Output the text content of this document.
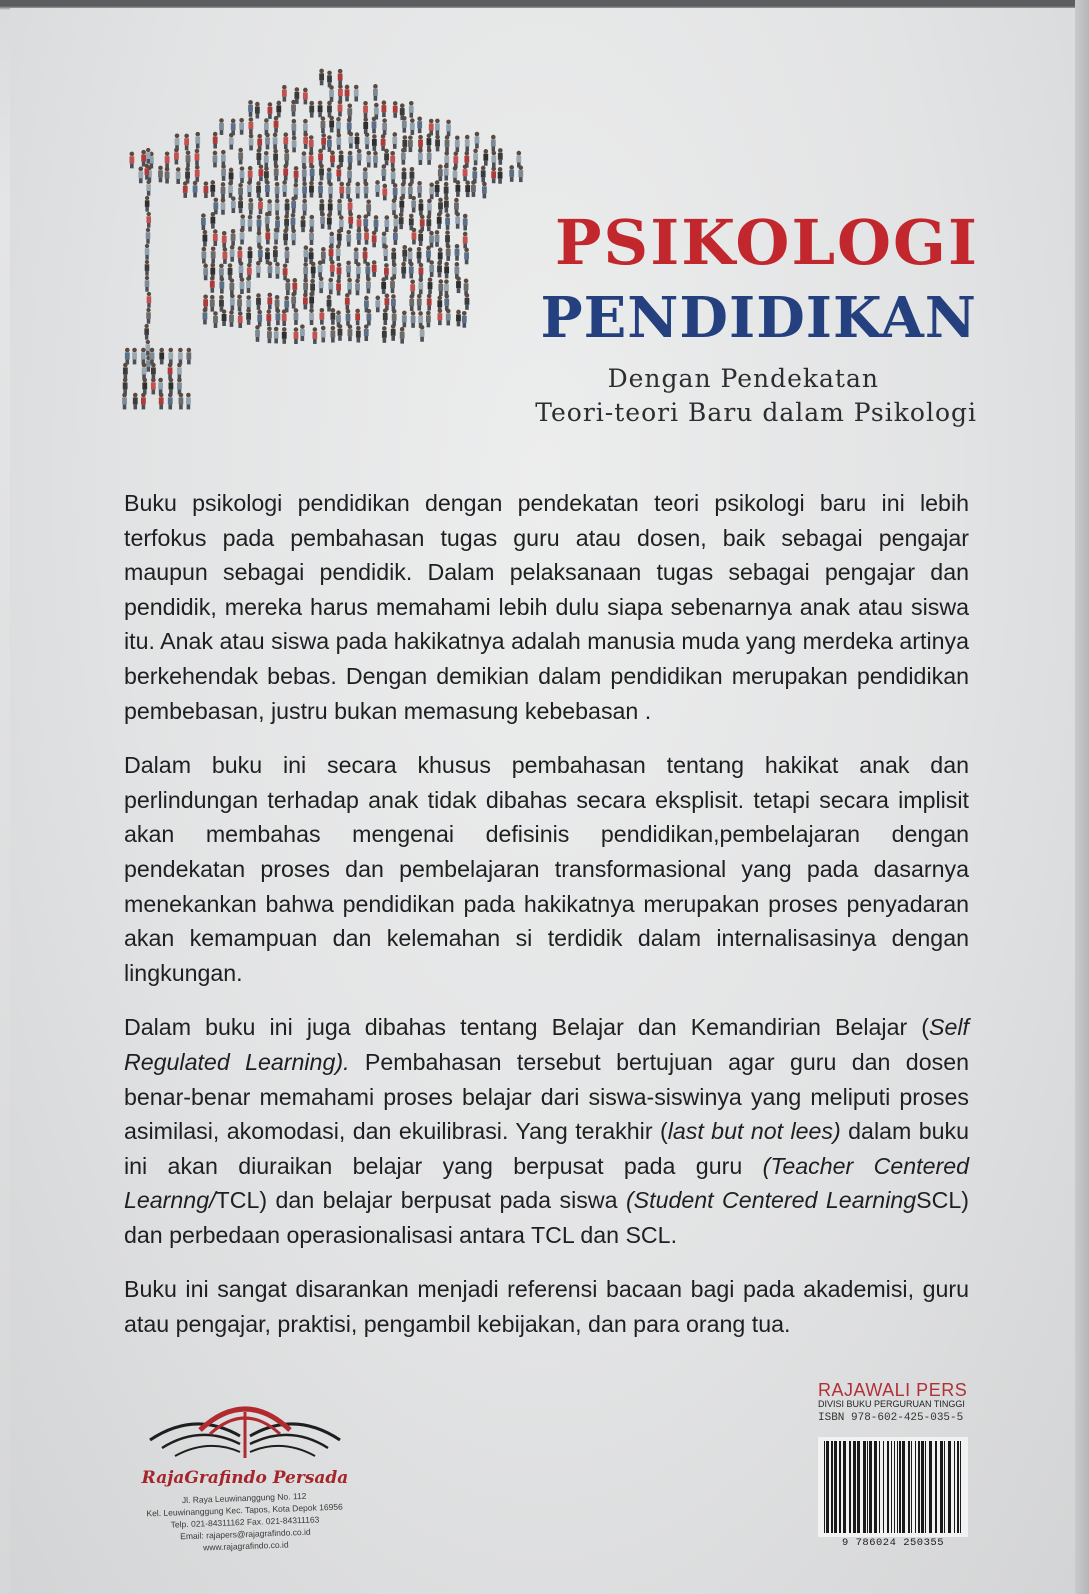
PSIKOLOGI
PENDIDIKAN

Dengan Pendekatan

Teori-teori Baru dalam Psikologi

Buku psikologi pendidikan dengan pendekatan teori psikologi baru ini lebih terfokus pada pembahasan tugas guru atau dosen, baik sebagai pengajar maupun sebagai pendidik. Dalam pelaksanaan tugas sebagai pengajar dan pendidik, mereka harus memahami lebih dulu siapa sebenarnya anak atau siswa itu. Anak atau siswa pada hakikatnya adalah manusia muda yang merdeka artinya berkehendak bebas. Dengan demikian dalam pendidikan merupakan pendidikan pembebasan, justru bukan memasung kebebasan .

Dalam buku ini secara khusus pembahasan tentang hakikat anak dan perlindungan terhadap anak tidak dibahas secara eksplisit. tetapi secara implisit akan membahas mengenai defisinis pendidikan,pembelajaran dengan pendekatan proses dan pembelajaran transformasional yang pada dasarnya menekankan bahwa pendidikan pada hakikatnya merupakan proses penyadaran akan kemampuan dan kelemahan si terdidik dalam internalisasinya dengan lingkungan.

Dalam buku ini juga dibahas tentang Belajar dan Kemandirian Belajar (Self Regulated Learning). Pembahasan tersebut bertujuan agar guru dan dosen benar-benar memahami proses belajar dari siswa-siswinya yang meliputi proses asimilasi, akomodasi, dan ekuilibrasi. Yang terakhir (last but not lees) dalam buku ini akan diuraikan belajar yang berpusat pada guru (Teacher Centered Learnng/TCL) dan belajar berpusat pada siswa (Student Centered LearningSCL) dan perbedaan operasionalisasi antara TCL dan SCL.

Buku ini sangat disarankan menjadi referensi bacaan bagi pada akademisi, guru atau pengajar, praktisi, pengambil kebijakan, dan para orang tua.

RajaGrafindo Persada
Jl. Raya Leuwinanggung No. 112
Kel. Leuwinanggung Kec. Tapos, Kota Depok 16956
Telp. 021-84311162 Fax. 021-84311163
Email: rajapers@rajagrafindo.co.id
www.rajagrafindo.co.id
RAJAWALI PERS
DIVISI BUKU PERGURUAN TINGGI
ISBN 978-602-425-035-5
9 786024 250355
